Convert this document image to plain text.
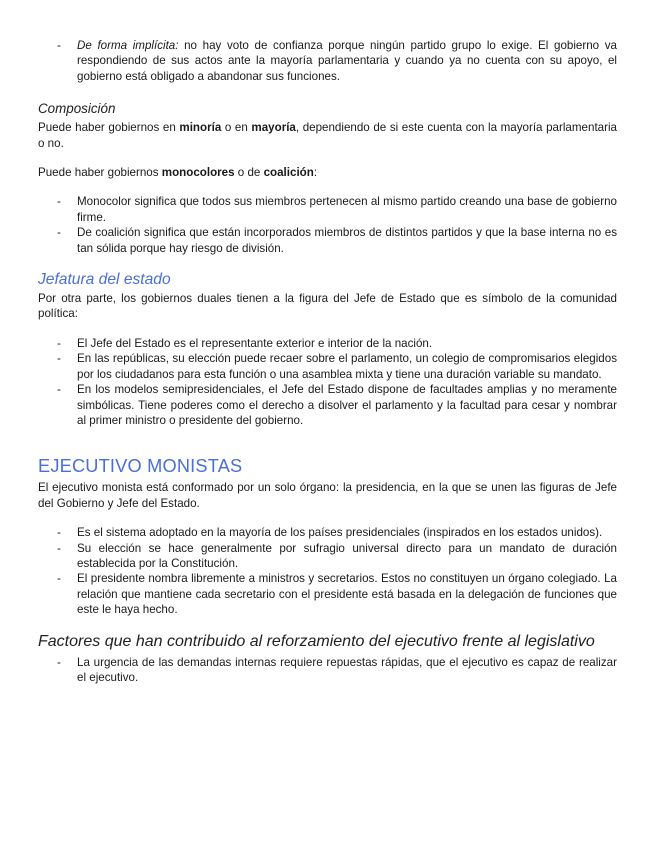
- De forma implícita: no hay voto de confianza porque ningún partido grupo lo exige. El gobierno va respondiendo de sus actos ante la mayoría parlamentaria y cuando ya no cuenta con su apoyo, el gobierno está obligado a abandonar sus funciones.
Composición

Puede haber gobiernos en minoría o en mayoría, dependiendo de si este cuenta con la mayoría parlamentaria o no.

Puede haber gobiernos monocolores o de coalición:

- Monocolor significa que todos sus miembros pertenecen al mismo partido creando una base de gobierno firme.
- De coalición significa que están incorporados miembros de distintos partidos y que la base interna no es tan sólida porque hay riesgo de división.
Jefatura del estado

Por otra parte, los gobiernos duales tienen a la figura del Jefe de Estado que es símbolo de la comunidad política:

- El Jefe del Estado es el representante exterior e interior de la nación.
- En las repúblicas, su elección puede recaer sobre el parlamento, un colegio de compromisarios elegidos por los ciudadanos para esta función o una asamblea mixta y tiene una duración variable su mandato.
- En los modelos semipresidenciales, el Jefe del Estado dispone de facultades amplias y no meramente simbólicas. Tiene poderes como el derecho a disolver el parlamento y la facultad para cesar y nombrar al primer ministro o presidente del gobierno.
EJECUTIVO MONISTAS

El ejecutivo monista está conformado por un solo órgano: la presidencia, en la que se unen las figuras de Jefe del Gobierno y Jefe del Estado.

- Es el sistema adoptado en la mayoría de los países presidenciales (inspirados en los estados unidos).
- Su elección se hace generalmente por sufragio universal directo para un mandato de duración establecida por la Constitución.
- El presidente nombra libremente a ministros y secretarios. Estos no constituyen un órgano colegiado. La relación que mantiene cada secretario con el presidente está basada en la delegación de funciones que este le haya hecho.
Factores que han contribuido al reforzamiento del ejecutivo frente al legislativo
- La urgencia de las demandas internas requiere repuestas rápidas, que el ejecutivo es capaz de realizar el ejecutivo.
